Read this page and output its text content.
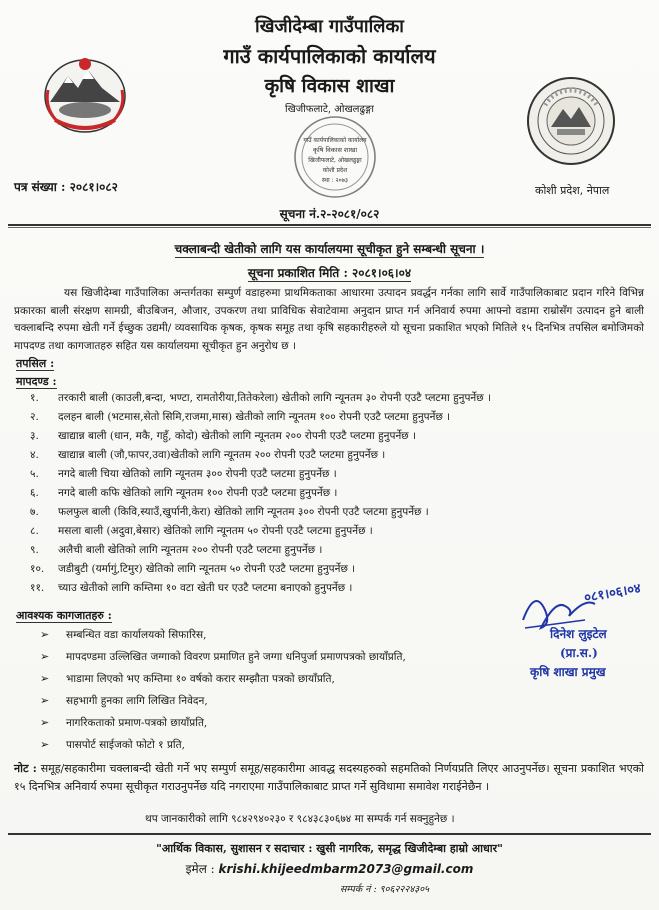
गाउँ कार्यपालिकाको कार्यालय
कृषि विकास शाखा
खिजीफलाटे, ओखलढुङ्गा
कोशी प्रदेश
स्था : २०७३
खिजीदेम्बा गाउँपालिका
गाउँ कार्यपालिकाको कार्यालय
कृषि विकास शाखा
खिजीफलाटे, ओखलढुङ्गा
पत्र संख्या : २०८१।०८२	कोशी प्रदेश, नेपाल
सूचना नं.२-२०८१/०८२
चक्लाबन्दी खेतीको लागि यस कार्यालयमा सूचीकृत हुने सम्बन्धी सूचना ।
सूचना प्रकाशित मिति : २०८१।०६।०४
यस खिजीदेम्बा गाउँपालिका अन्तर्गतका सम्पुर्ण वडाहरुमा प्राथमिकताका आधारमा उत्पादन प्रवर्द्धन गर्नका लागि सार्वे गाउँपालिकाबाट प्रदान गरिने विभिन्न प्रकारका बाली संरक्षण सामग्री, बीउबिजन, औजार, उपकरण तथा प्राविधिक सेवाटेवामा अनुदान प्राप्त गर्न अनिवार्य रुपमा आफ्नो वडामा राम्रोसँग उत्पादन हुने बाली चक्लाबन्दि रुपमा खेती गर्ने ईच्छुक उद्यमी/ व्यवसायिक कृषक, कृषक समूह तथा कृषि सहकारीहरुले यो सूचना प्रकाशित भएको मितिले १५ दिनभित्र तपसिल बमोजिमको मापदण्ड तथा कागजातहरु सहित यस कार्यालयमा सूचीकृत हुन अनुरोध छ ।
तपसिल :
मापदण्ड :
१. तरकारी बाली (काउली,बन्दा, भण्टा, रामतोरीया,तितेकरेला) खेतीको लागि न्यूनतम ३० रोपनी एउटै प्लटमा हुनुपर्नेछ ।
२. दलहन बाली (भटमास,सेतो सिमि,राजमा,मास) खेतीको लागि न्यूनतम १०० रोपनी एउटै प्लटमा हुनुपर्नेछ ।
३. खाद्यान्न बाली (धान, मकै, गहुँ, कोदो) खेतीको लागि न्यूनतम २०० रोपनी एउटै प्लटमा हुनुपर्नेछ ।
४. खाद्यान्न बाली (जौ,फापर,उवा)खेतीको लागि न्यूनतम २०० रोपनी एउटै प्लटमा हुनुपर्नेछ ।
५. नगदे बाली चिया खेतिको लागि न्यूनतम ३०० रोपनी एउटै प्लटमा हुनुपर्नेछ ।
६. नगदे बाली कफि खेतिको लागि न्यूनतम १०० रोपनी एउटै प्लटमा हुनुपर्नेछ ।
७. फलफुल बाली (किवि,स्याउँ,खुर्पानी,केरा) खेतिको लागि न्यूनतम ३०० रोपनी एउटै प्लटमा हुनुपर्नेछ ।
८. मसला बाली (अदुवा,बेसार) खेतिको लागि न्यूनतम ५० रोपनी एउटै प्लटमा हुनुपर्नेछ ।
९. अलैची बाली खेतिको लागि न्यूनतम २०० रोपनी एउटै प्लटमा हुनुपर्नेछ ।
१०. जडीबुटी (यर्मागुं,टिमुर) खेतिको लागि न्यूनतम ५० रोपनी एउटै प्लटमा हुनुपर्नेछ ।
११. च्याउ खेतीको लागि कम्तिमा १० वटा खेती घर एउटै प्लटमा बनाएको हुनुपर्नेछ ।
आवश्यक कागजातहरु :
➢ सम्बन्धित वडा कार्यालयको सिफारिस,
➢ मापदण्डमा उल्लिखित जग्गाको विवरण प्रमाणित हुने जग्गा धनिपुर्जा प्रमाणपत्रको छायाँप्रति,
➢ भाडामा लिएको भए कम्तिमा १० वर्षको करार सम्झौता पत्रको छायाँप्रति,
➢ सहभागी हुनका लागि लिखित निवेदन,
➢ नागरिकताको प्रमाण-पत्रको छायाँप्रति,
नोट : समूह/सहकारीमा चक्लाबन्दी खेती गर्ने भए सम्पुर्ण समूह/सहकारीमा आवद्ध सदस्यहरुको सहमतिको निर्णयप्रति लिएर आउनुपर्नेछ। सूचना प्रकाशित भएको १५ दिनभित्र अनिवार्य रुपमा सूचीकृत गराउनुपर्नेछ यदि नगराएमा गाउँपालिकाबाट प्राप्त गर्ने सुविधामा समावेश गराईनेछैन ।
➢ पासपोर्ट साईजको फोटो १ प्रति,
थप जानकारीको लागि ९८४२९४०२३० र ९८४३८३०६७४ मा सम्पर्क गर्न सक्नुहुनेछ ।
"आर्थिक विकास, सुशासन र सदाचार : खुसी नागरिक, समृद्ध खिजीदेम्बा हाम्रो आधार"
इमेल : krishi.khijeedmbarm2073@gmail.com
सम्पर्क नं : ९०६२२२४३०५
०८१।०६।०४
दिनेश लुइटेल
(प्रा.स.)
कृषि शाखा प्रमुख
